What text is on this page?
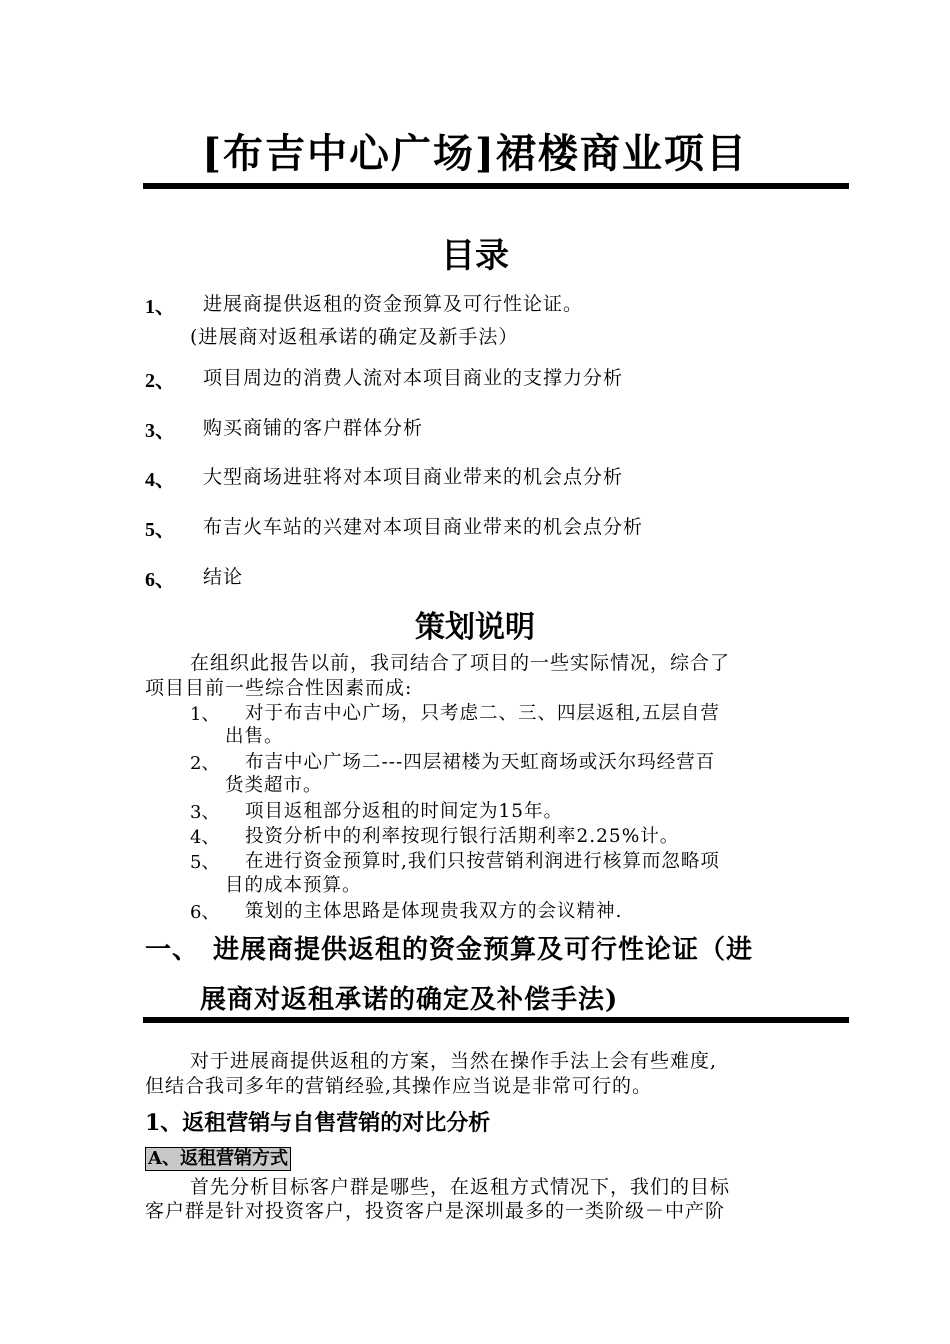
[布吉中心广场]裙楼商业项目
目录
1、 进展商提供返租的资金预算及可行性论证。
(进展商对返租承诺的确定及新手法）
2、 项目周边的消费人流对本项目商业的支撑力分析
3、 购买商铺的客户群体分析
4、 大型商场进驻将对本项目商业带来的机会点分析
5、 布吉火车站的兴建对本项目商业带来的机会点分析
6、 结论
策划说明
在组织此报告以前，我司结合了项目的一些实际情况，综合了
项目目前一些综合性因素而成:
1、 对于布吉中心广场，只考虑二、三、四层返租,五层自营
出售。
2、 布吉中心广场二---四层裙楼为天虹商场或沃尔玛经营百
货类超市。
3、 项目返租部分返租的时间定为15年。
4、 投资分析中的利率按现行银行活期利率2.25%计。
5、 在进行资金预算时,我们只按营销利润进行核算而忽略项
目的成本预算。
6、 策划的主体思路是体现贵我双方的会议精神.
一、 进展商提供返租的资金预算及可行性论证（进
展商对返租承诺的确定及补偿手法)
对于进展商提供返租的方案，当然在操作手法上会有些难度,
但结合我司多年的营销经验,其操作应当说是非常可行的。
1、返租营销与自售营销的对比分析
A、返租营销方式
首先分析目标客户群是哪些，在返租方式情况下，我们的目标
客户群是针对投资客户，投资客户是深圳最多的一类阶级－中产阶
